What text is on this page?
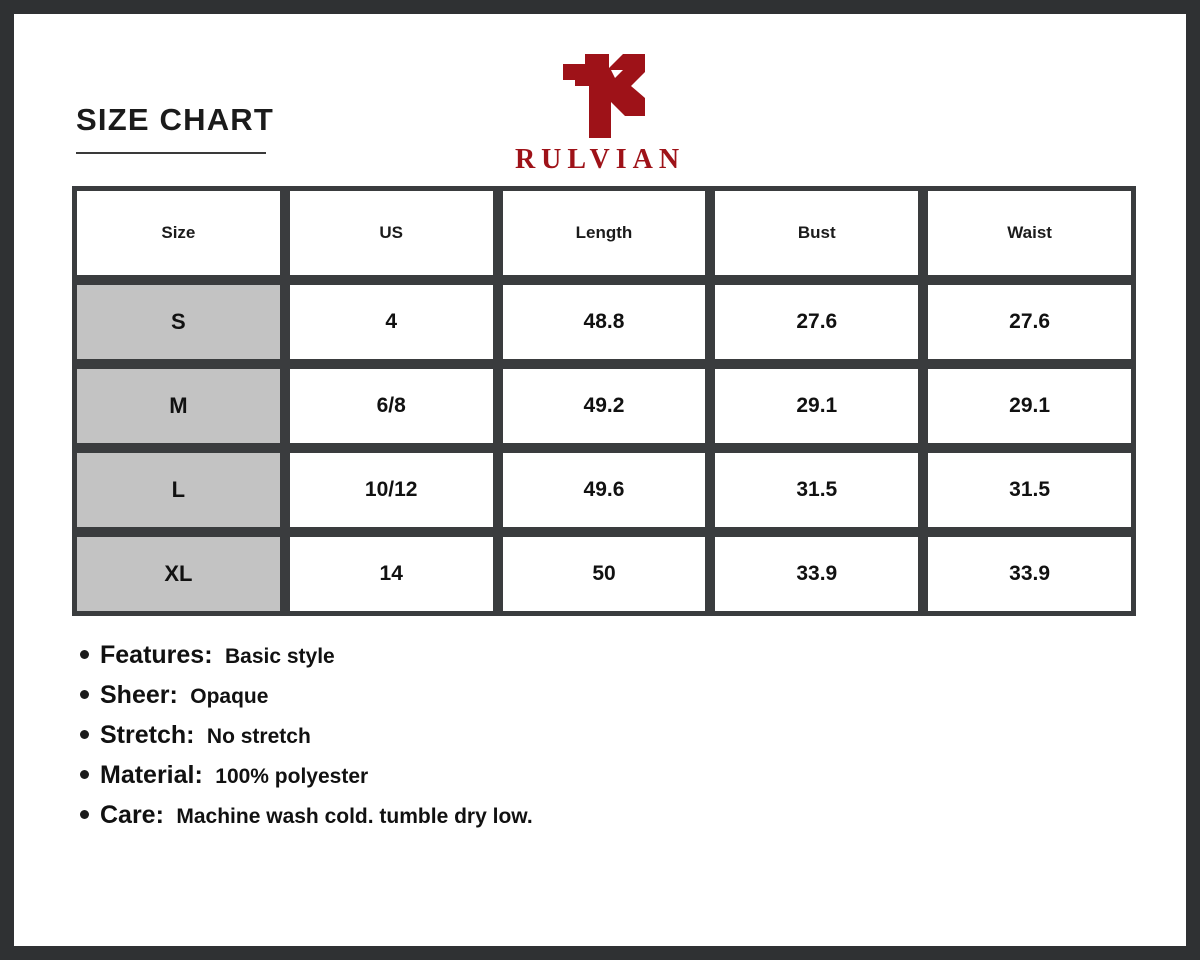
SIZE CHART
RULVIAN
Size	US	Length	Bust	Waist
S	4	48.8	27.6	27.6
M	6/8	49.2	29.1	29.1
L	10/12	49.6	31.5	31.5
XL	14	50	33.9	33.9
Features: Basic style
Sheer: Opaque
Stretch: No stretch
Material: 100% polyester
Care: Machine wash cold. tumble dry low.
